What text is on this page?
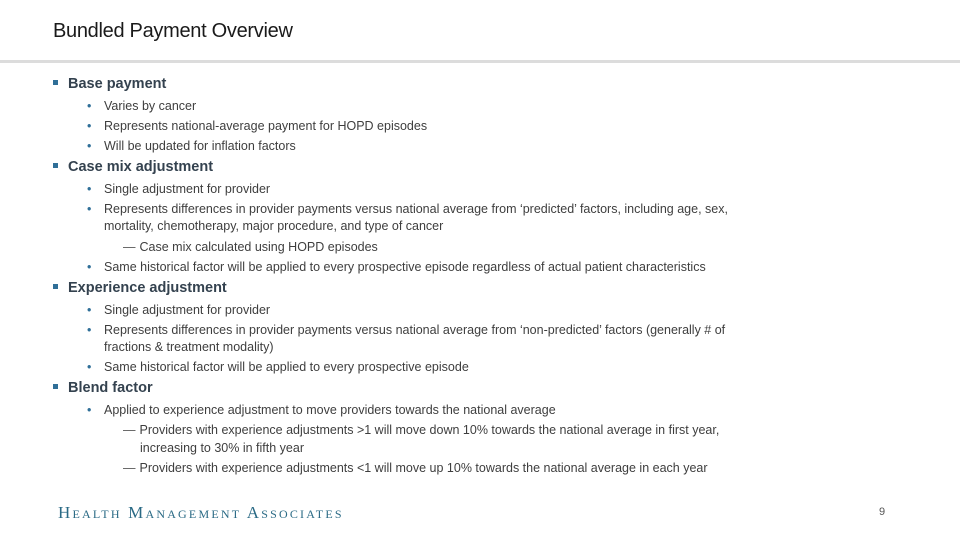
Bundled Payment Overview
Base payment
• Varies by cancer
• Represents national-average payment for HOPD episodes
• Will be updated for inflation factors
Case mix adjustment
• Single adjustment for provider
• Represents differences in provider payments versus national average from ‘predicted’ factors, including age, sex,
mortality, chemotherapy, major procedure, and type of cancer
— Case mix calculated using HOPD episodes
• Same historical factor will be applied to every prospective episode regardless of actual patient characteristics
Experience adjustment
• Single adjustment for provider
• Represents differences in provider payments versus national average from ‘non-predicted’ factors (generally # of
fractions & treatment modality)
• Same historical factor will be applied to every prospective episode
Blend factor
• Applied to experience adjustment to move providers towards the national average
— Providers with experience adjustments >1 will move down 10% towards the national average in first year,
increasing to 30% in fifth year
— Providers with experience adjustments <1 will move up 10% towards the national average in each year
Health Management Associates	9
